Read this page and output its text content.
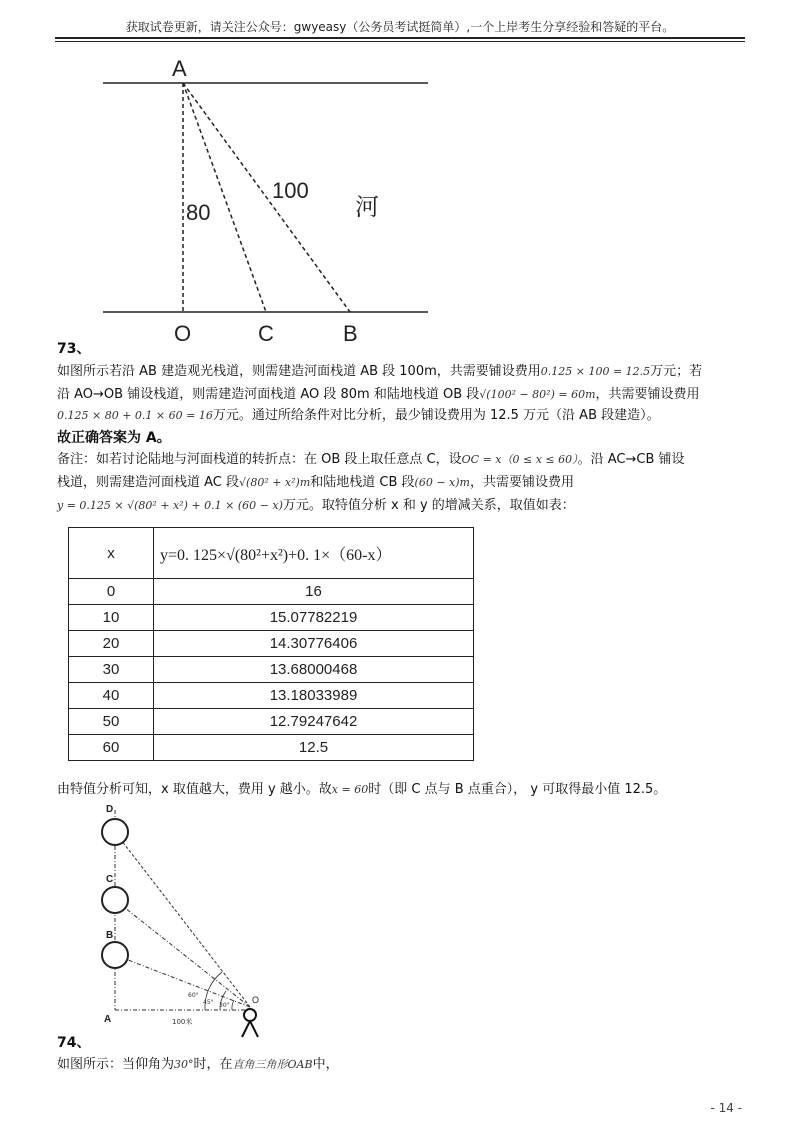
获取试卷更新，请关注公众号：gwyeasy（公务员考试挺简单）,一个上岸考生分享经验和答疑的平台。
A
80
100
河
O	C	B
73、
如图所示若沿 AB 建造观光栈道，则需建造河面栈道 AB 段 100m，共需要铺设费用0.125 × 100 = 12.5万元；若
沿 AO→OB 铺设栈道，则需建造河面栈道 AO 段 80m 和陆地栈道 OB 段√(100² − 80²) = 60m，共需要铺设费用
0.125 × 80 + 0.1 × 60 = 16万元。通过所给条件对比分析，最少铺设费用为 12.5 万元（沿 AB 段建造）。
故正确答案为 A。
备注：如若讨论陆地与河面栈道的转折点：在 OB 段上取任意点 C，设OC = x（0 ≤ x ≤ 60）。沿 AC→CB 铺设
栈道，则需建造河面栈道 AC 段√(80² + x²)m和陆地栈道 CB 段(60 − x)m，共需要铺设费用
y = 0.125 × √(80² + x²) + 0.1 × (60 − x)万元。取特值分析 x 和 y 的增减关系，取值如表：
x	y=0. 125×√(80²+x²)+0. 1×（60-x）
0	16
10	15.07782219
20	14.30776406
30	13.68000468
40	13.18033989
50	12.79247642
60	12.5
由特值分析可知，x 取值越大，费用 y 越小。故x = 60时（即 C 点与 B 点重合）， y 可取得最小值 12.5。
60°
45° 30°
D
C
B
A
O
100米
74、
如图所示：当仰角为30°时，在直角三角形OAB中，
- 14 -
